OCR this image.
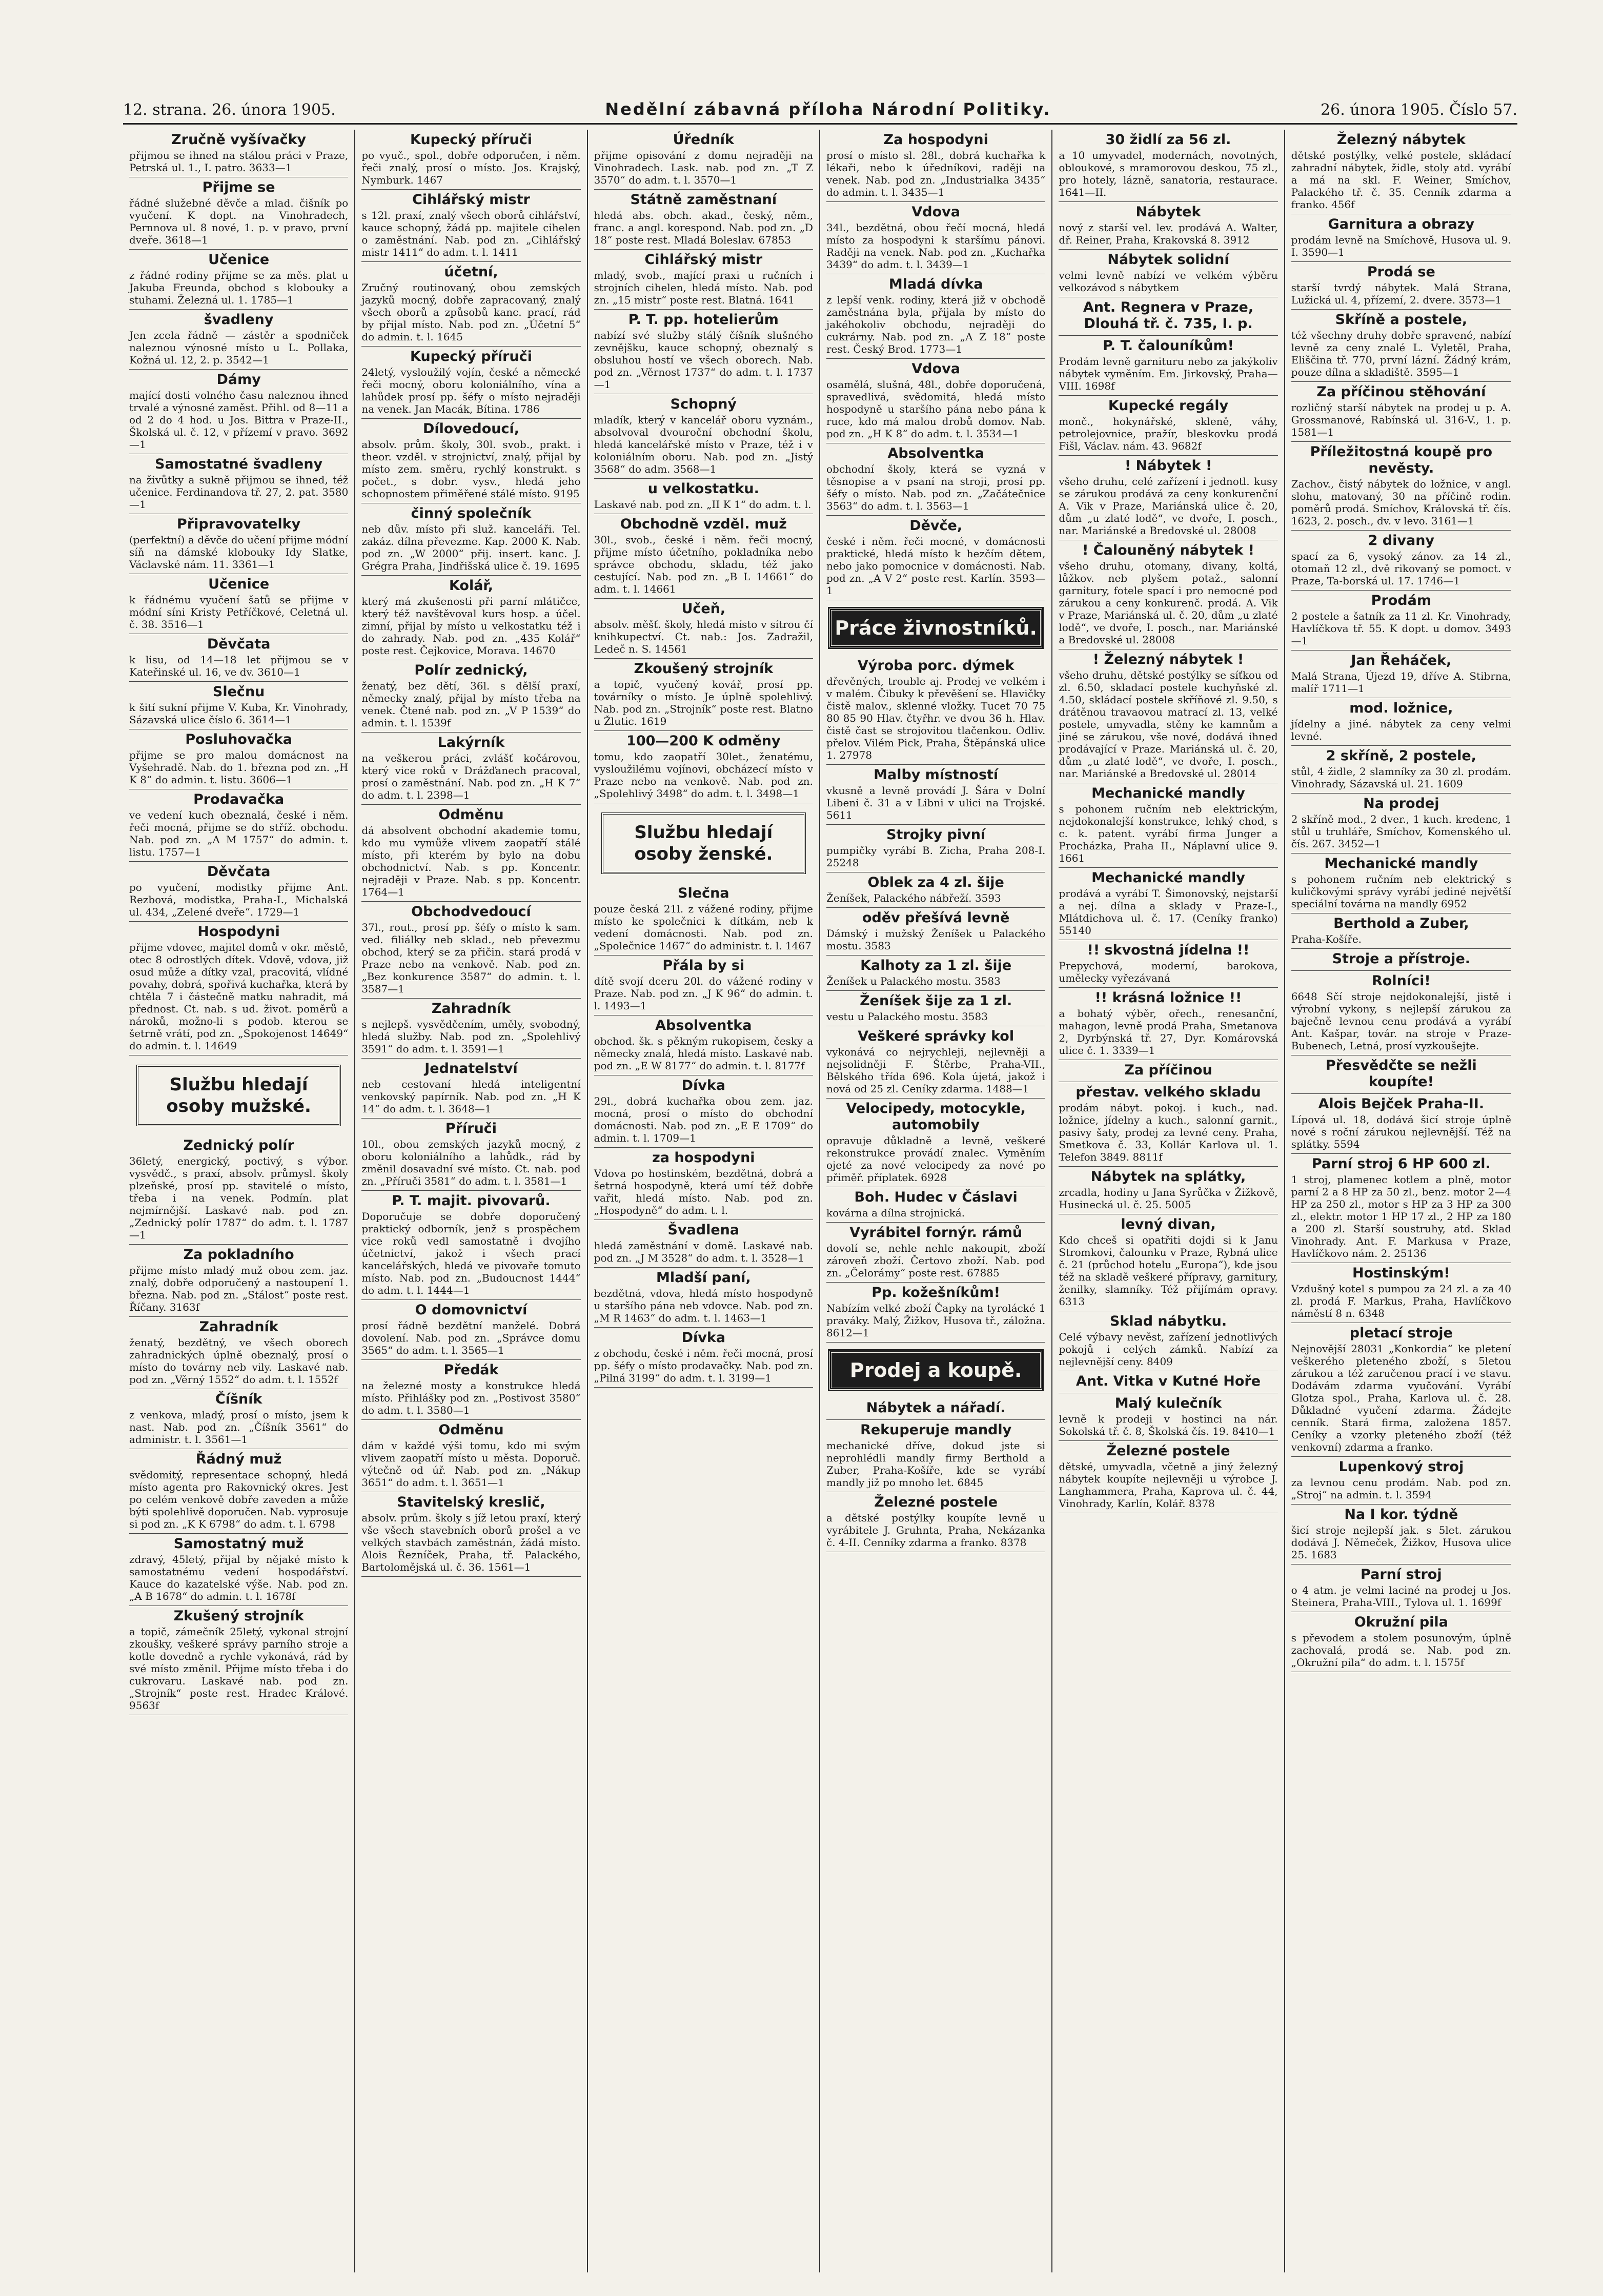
12. strana. 26. února 1905.	Nedělní zábavná příloha Národní Politiky.	26. února 1905. Číslo 57.
Zručně vyšívačky

přijmou se ihned na stálou práci v Praze, Petrská ul. 1., I. patro. 3633—1

Přijme se

řádné služebné děvče a mlad. čišník po vyučení. K dopt. na Vinohradech, Pernnova ul. 8 nové, 1. p. v pravo, první dveře. 3618—1

Učenice

z řádné rodiny přijme se za měs. plat u Jakuba Freunda, obchod s klobouky a stuhami. Železná ul. 1. 1785—1

švadleny

Jen zcela řádně — zástěr a spodniček naleznou výnosné místo u L. Pollaka, Kožná ul. 12, 2. p. 3542—1

Dámy

mající dosti volného času naleznou ihned trvalé a výnosné zaměst. Přihl. od 8—11 a od 2 do 4 hod. u Jos. Bittra v Praze-II., Školská ul. č. 12, v přízemí v pravo. 3692—1

Samostatné švadleny

na živůtky a sukně přijmou se ihned, též učenice. Ferdinandova tř. 27, 2. pat. 3580—1

Připravovatelky

(perfektní) a děvče do učení přijme módní síň na dámské klobouky Idy Slatke, Václavské nám. 11. 3361—1

Učenice

k řádnému vyučení šatů se přijme v módní síni Kristy Petříčkové, Celetná ul. č. 38. 3516—1

Děvčata

k lisu, od 14—18 let přijmou se v Kateřinské ul. 16, ve dv. 3610—1

Slečnu

k šití sukní přijme V. Kuba, Kr. Vinohrady, Sázavská ulice číslo 6. 3614—1

Posluhovačka

přijme se pro malou domácnost na Vyšehradě. Nab. do 1. března pod zn. „H K 8“ do admin. t. listu. 3606—1

Prodavačka

ve vedení kuch obeznalá, české i něm. řeči mocná, přijme se do stříž. obchodu. Nab. pod zn. „A M 1757“ do admin. t. listu. 1757—1

Děvčata

po vyučení, modistky přijme Ant. Rezbová, modistka, Praha-I., Michalská ul. 434, „Zelené dveře“. 1729—1

Hospodyni

přijme vdovec, majitel domů v okr. městě, otec 8 odrostlých dítek. Vdově, vdova, již osud může a dítky vzal, pracovitá, vlídné povahy, dobrá, spořivá kuchařka, která by chtěla 7 i částečně matku nahradit, má přednost. Ct. nab. s ud. život. poměrů a nároků, možno-li s podob. kterou se šetrně vrátí, pod zn. „Spokojenost 14649“ do admin. t. l. 14649

Službu hledají osoby mužské.
Zednický polír

36letý, energický, poctivý, s výbor. vysvědč., s praxí, absolv. průmysl. školy plzeňské, prosí pp. stavitelé o místo, třeba i na venek. Podmín. plat nejmírnější. Laskavé nab. pod zn. „Zednický polír 1787“ do adm. t. l. 1787—1

Za pokladního

přijme místo mladý muž obou zem. jaz. znalý, dobře odporučený a nastoupení 1. března. Nab. pod zn. „Stálost“ poste rest. Říčany. 3163f

Zahradník

ženatý, bezdětný, ve všech oborech zahradnických úplně obeznalý, prosí o místo do továrny neb vily. Laskavé nab. pod zn. „Věrný 1552“ do adm. t. l. 1552f

Číšník

z venkova, mladý, prosí o místo, jsem k nast. Nab. pod zn. „Číšník 3561“ do administr. t. l. 3561—1

Řádný muž

svědomitý, representace schopný, hledá místo agenta pro Rakovnický okres. Jest po celém venkově dobře zaveden a může býti spolehlivě doporučen. Nab. vyprosuje si pod zn. „K K 6798“ do adm. t. l. 6798

Samostatný muž

zdravý, 45letý, přijal by nějaké místo k samostatnému vedení hospodářství. Kauce do kazatelské výše. Nab. pod zn. „A B 1678“ do admin. t. l. 1678f

Zkušený strojník

a topič, zámečník 25letý, vykonal strojní zkoušky, veškeré správy parního stroje a kotle dovedně a rychle vykonává, rád by své místo změnil. Přijme místo třeba i do cukrovaru. Laskavé nab. pod zn. „Strojník“ poste rest. Hradec Králové. 9563f

Kupecký příruči

po vyuč., spol., dobře odporučen, i něm. řeči znalý, prosí o místo. Jos. Krajský, Nymburk. 1467

Cihlářský mistr

s 12l. praxí, znalý všech oborů cihlářství, kauce schopný, žádá pp. majitele cihelen o zaměstnání. Nab. pod zn. „Cihlářský mistr 1411“ do adm. t. l. 1411

účetní,

Zručný routinovaný, obou zemských jazyků mocný, dobře zapracovaný, znalý všech oborů a způsobů kanc. prací, rád by přijal místo. Nab. pod zn. „Účetní 5“ do admin. t. l. 1645

Kupecký příruči

24letý, vysloužilý vojín, české a německé řeči mocný, oboru koloniálního, vína a lahůdek prosí pp. šéfy o místo nejraději na venek. Jan Macák, Bítina. 1786

Dílovedoucí,

absolv. prům. školy, 30l. svob., prakt. i theor. vzděl. v strojnictví, znalý, přijal by místo zem. směru, rychlý konstrukt. s počet., s dobr. vysv., hledá jeho schopnostem přiměřené stálé místo. 9195

činný společník

neb dův. místo při služ. kanceláři. Tel. zakáz. dílna převezme. Kap. 2000 K. Nab. pod zn. „W 2000“ přij. insert. kanc. J. Grégra Praha, Jindřišská ulice č. 19. 1695

Kolář,

který má zkušenosti při parní mlátičce, který též navštěvoval kurs hosp. a účel. zimní, přijal by místo u velkostatku též i do zahrady. Nab. pod zn. „435 Kolář“ poste rest. Čejkovice, Morava. 14670

Polír zednický,

ženatý, bez dětí, 36l. s dělší praxí, německy znalý, přijal by místo třeba na venek. Čtené nab. pod zn. „V P 1539“ do admin. t. l. 1539f

Lakýrník

na veškerou práci, zvlášť kočárovou, který vice roků v Drážďanech pracoval, prosí o zaměstnání. Nab. pod zn. „H K 7“ do adm. t. l. 2398—1

Odměnu

dá absolvent obchodní akademie tomu, kdo mu vymůže vlivem zaopatří stálé místo, při kterém by bylo na dobu obchodnictví. Nab. s pp. Koncentr. nejraději v Praze. Nab. s pp. Koncentr. 1764—1

Obchodvedoucí

37l., rout., prosí pp. šéfy o místo k sam. ved. filiálky neb sklad., neb převezmu obchod, který se za přičin. stará prodá v Praze nebo na venkově. Nab. pod zn. „Bez konkurence 3587“ do admin. t. l. 3587—1

Zahradník

s nejlepš. vysvědčením, uměly, svobodný, hledá služby. Nab. pod zn. „Spolehlivý 3591“ do adm. t. l. 3591—1

Jednatelství

neb cestovaní hledá inteligentní venkovský papírník. Nab. pod zn. „H K 14“ do adm. t. l. 3648—1

Příruči

10l., obou zemských jazyků mocný, z oboru koloniálního a lahůdk., rád by změnil dosavadní své místo. Ct. nab. pod zn. „Příruči 3581“ do adm. t. l. 3581—1

P. T. majit. pivovarů.

Doporučuje se dobře doporučený praktický odborník, jenž s prospěchem vice roků vedl samostatně i dvojího účetnictví, jakož i všech prací kancelářských, hledá ve pivovaře tomuto místo. Nab. pod zn. „Budoucnost 1444“ do adm. t. l. 1444—1

O domovnictví

prosí řádně bezdětní manželé. Dobrá dovolení. Nab. pod zn. „Správce domu 3565“ do adm. t. l. 3565—1

Předák

na železné mosty a konstrukce hledá místo. Přihlášky pod zn. „Postivost 3580“ do adm. t. l. 3580—1

Odměnu

dám v každé výši tomu, kdo mi svým vlivem zaopatří místo u města. Doporuč. výtečně od úř. Nab. pod zn. „Nákup 3651“ do adm. t. l. 3651—1

Stavitelský kreslič,

absolv. prům. školy s jíž letou praxí, který vše všech stavebních oborů prošel a ve velkých stavbách zaměstnán, žádá místo. Alois Řezníček, Praha, tř. Palackého, Bartolomějská ul. č. 36. 1561—1

Úředník

přijme opisování z domu nejraději na Vinohradech. Lask. nab. pod zn. „T Z 3570“ do adm. t. l. 3570—1

Státně zaměstnaní

hledá abs. obch. akad., český, něm., franc. a angl. korespond. Nab. pod zn. „D 18“ poste rest. Mladá Boleslav. 67853

Cihlářský mistr

mladý, svob., mající praxi u ručních i strojních cihelen, hledá místo. Nab. pod zn. „15 mistr“ poste rest. Blatná. 1641

P. T. pp. hotelierům

nabízí své služby stálý číšník slušného zevnějšku, kauce schopný, obeznalý s obsluhou hostí ve všech oborech. Nab. pod zn. „Věrnost 1737“ do adm. t. l. 1737—1

Schopný

mladík, který v kancelář oboru vyznám., absolvoval dvouroční obchodní školu, hledá kancelářské místo v Praze, též i v koloniálním oboru. Nab. pod zn. „Jistý 3568“ do adm. 3568—1

u velkostatku.

Laskavé nab. pod zn. „II K 1“ do adm. t. l.

Obchodně vzděl. muž

30l., svob., české i něm. řeči mocný, přijme místo účetního, pokladníka nebo správce obchodu, skladu, též jako cestující. Nab. pod zn. „B L 14661“ do adm. t. l. 14661

Učeň,

absolv. měšť. školy, hledá místo v sítrou čí knihkupectví. Ct. nab.: Jos. Zadražil, Ledeč n. S. 14561

Zkoušený strojník

a topič, vyučený kovář, prosí pp. továrníky o místo. Je úplně spolehlivý. Nab. pod zn. „Strojník“ poste rest. Blatno u Žlutic. 1619

100—200 K odměny

tomu, kdo zaopatří 30let., ženatému, vysloužilému vojínovi, obcházecí místo v Praze nebo na venkově. Nab. pod zn. „Spolehlivý 3498“ do adm. t. l. 3498—1

Službu hledají osoby ženské.
Slečna

pouze česká 21l. z vážené rodiny, přijme místo ke společnici k dítkám, neb k vedení domácnosti. Nab. pod zn. „Společnice 1467“ do administr. t. l. 1467

Přála by si

dítě svojí dceru 20l. do vážené rodiny v Praze. Nab. pod zn. „J K 96“ do admin. t. l. 1493—1

Absolventka

obchod. šk. s pěkným rukopisem, česky a německy znalá, hledá místo. Laskavé nab. pod zn. „E W 8177“ do admin. t. l. 8177f

Dívka

29l., dobrá kuchařka obou zem. jaz. mocná, prosí o místo do obchodní domácnosti. Nab. pod zn. „E E 1709“ do admin. t. l. 1709—1

za hospodyni

Vdova po hostinském, bezdětná, dobrá a šetrná hospodyně, která umí též dobře vařit, hledá místo. Nab. pod zn. „Hospodyně“ do adm. t. l.

Švadlena

hledá zaměstnání v domě. Laskavé nab. pod zn. „J M 3528“ do adm. t. l. 3528—1

Mladší paní,

bezdětná, vdova, hledá místo hospodyně u staršího pána neb vdovce. Nab. pod zn. „M R 1463“ do adm. t. l. 1463—1

Dívka

z obchodu, české i něm. řeči mocná, prosí pp. šéfy o místo prodavačky. Nab. pod zn. „Pilná 3199“ do adm. t. l. 3199—1

Za hospodyni

prosí o místo sl. 28l., dobrá kuchařka k lékaři, nebo k úředníkovi, raději na venek. Nab. pod zn. „Industrialka 3435“ do admin. t. l. 3435—1

Vdova

34l., bezdětná, obou řečí mocná, hledá místo za hospodyni k staršímu pánovi. Raději na venek. Nab. pod zn. „Kuchařka 3439“ do adm. t. l. 3439—1

Mladá dívka

z lepší venk. rodiny, která již v obchodě zaměstnána byla, přijala by místo do jakéhokoliv obchodu, nejraději do cukrárny. Nab. pod zn. „A Z 18“ poste rest. Český Brod. 1773—1

Vdova

osamělá, slušná, 48l., dobře doporučená, spravedlivá, svědomitá, hledá místo hospodyně u staršího pána nebo pána k ruce, kdo má malou drobů domov. Nab. pod zn. „H K 8“ do adm. t. l. 3534—1

Absolventka

obchodní školy, která se vyzná v těsnopise a v psaní na stroji, prosí pp. šéfy o místo. Nab. pod zn. „Začátečnice 3563“ do adm. t. l. 3563—1

Děvče,

české i něm. řeči mocné, v domácnosti praktické, hledá místo k hezčím dětem, nebo jako pomocnice v domácnosti. Nab. pod zn. „A V 2“ poste rest. Karlín. 3593—1

Práce živnostníků.
Výroba porc. dýmek

dřevěných, trouble aj. Prodej ve velkém i v malém. Čibuky k převěšení se. Hlavičky čistě malov., sklenné vložky. Tucet 70 75 80 85 90 Hlav. čtyřhr. ve dvou 36 h. Hlav. čistě čast se strojovitou tlačenkou. Odliv. přelov. Vilém Pick, Praha, Štěpánská ulice 1. 27978

Malby místností

vkusně a levně provádí J. Šára v Dolní Libeni č. 31 a v Libni v ulici na Trojské. 5611

Strojky pivní

pumpičky vyrábí B. Zicha, Praha 208-I. 25248

Oblek za 4 zl. šije

Ženíšek, Palackého nábřeží. 3593

oděv přešívá levně

Dámský i mužský Ženíšek u Palackého mostu. 3583

Kalhoty za 1 zl. šije

Ženíšek u Palackého mostu. 3583

Ženíšek šije za 1 zl.

vestu u Palackého mostu. 3583

Veškeré správky kol

vykonává co nejrychleji, nejlevněji a nejsolidněji F. Štěrbe, Praha-VII., Bělského třída 696. Kola újetá, jakož i nová od 25 zl. Ceníky zdarma. 1488—1

Velocipedy, motocykle, automobily

opravuje důkladně a levně, veškeré rekonstrukce provádí znalec. Vyměním ojeté za nové velocipedy za nové po přiměř. příplatek. 6928

Boh. Hudec v Čáslavi

kovárna a dílna strojnická.

Vyrábitel fornýr. rámů

dovolí se, nehle nehle nakoupit, zboží zároveň zboží. Čertovo zboží. Nab. pod zn. „Čelorámy“ poste rest. 67885

Pp. kožešníkům!

Nabízím velké zboží Čapky na tyrolácké 1 praváky. Malý, Žižkov, Husova tř., záložna. 8612—1

Prodej a koupě.
Nábytek a nářadí.
Rekuperuje mandly

mechanické dříve, dokud jste si neprohlédli mandly firmy Berthold a Zuber, Praha-Košíře, kde se vyrábí mandly již po mnoho let. 6845

Železné postele

a dětské postýlky koupíte levně u vyrábitele J. Gruhnta, Praha, Nekázanka č. 4-II. Cenníky zdarma a franko. 8378

30 židlí za 56 zl.

a 10 umyvadel, modernách, novotných, obloukové, s mramorovou deskou, 75 zl., pro hotely, lázně, sanatoria, restaurace. 1641—II.

Nábytek

nový z starší vel. lev. prodává A. Walter, dř. Reiner, Praha, Krakovská 8. 3912

Nábytek solidní

velmi levně nabízí ve velkém výběru velkozávod s nábytkem

Ant. Regnera v Praze, Dlouhá tř. č. 735, I. p.
P. T. čalouníkům!

Prodám levně garnituru nebo za jakýkoliv nábytek vyměním. Em. Jirkovský, Praha—VIII. 1698f

Kupecké regály

monč., hokynářské, skleně, váhy, petrolejovnice, pražír, bleskovku prodá Fišl, Václav. nám. 43. 9682f

! Nábytek !

všeho druhu, celé zařízení i jednotl. kusy se zárukou prodává za ceny konkurenční A. Vik v Praze, Mariánská ulice č. 20, dům „u zlaté lodě“, ve dvoře, I. posch., nar. Mariánské a Bredovské ul. 28008

! Čalouněný nábytek !

všeho druhu, otomany, divany, koltá, lůžkov. neb plyšem potaž., salonní garnitury, fotele spací i pro nemocné pod zárukou a ceny konkurenč. prodá. A. Vik v Praze, Mariánská ul. č. 20, dům „u zlaté lodě“, ve dvoře, I. posch., nar. Mariánské a Bredovské ul. 28008

! Železný nábytek !

všeho druhu, dětské postýlky se síťkou od zl. 6.50, skladací postele kuchyňské zl. 4.50, skládací postele skříňové zl. 9.50, s drátěnou travaovou matrací zl. 13, velké postele, umyvadla, stěny ke kamnům a jiné se zárukou, vše nové, dodává ihned prodávající v Praze. Mariánská ul. č. 20, dům „u zlaté lodě“, ve dvoře, I. posch., nar. Mariánské a Bredovské ul. 28014

Mechanické mandly

s pohonem ručním neb elektrickým, nejdokonalejší konstrukce, lehký chod, s c. k. patent. vyrábí firma Junger a Procházka, Praha II., Náplavní ulice 9. 1661

Mechanické mandly

prodává a vyrábí T. Šimonovský, nejstarší a nej. dílna a sklady v Praze-I., Mlátdichova ul. č. 17. (Ceníky franko) 55140

!! skvostná jídelna !!

Prepychová, moderní, barokova, umělecky vyřezávaná

!! krásná ložnice !!

a bohatý výběr, ořech., renesanční, mahagon, levně prodá Praha, Smetanova 2, Dyrbýnská tř. 27, Dyr. Komárovská ulice č. 1. 3339—1

Za příčinou
přestav. velkého skladu

prodám nábyt. pokoj. i kuch., nad. ložnice, jídelny a kuch., salonní garnit., pasivy šaty, prodej za levné ceny. Praha, Smetkova č. 33, Kollár Karlova ul. 1. Telefon 3849. 8811f

Nábytek na splátky,

zrcadla, hodiny u Jana Syrůčka v Žižkově, Husinecká ul. č. 25. 5005

levný divan,

Kdo chceš si opatřiti dojdi si k Janu Stromkovi, čalounku v Praze, Rybná ulice č. 21 (průchod hotelu „Europa“), kde jsou též na skladě veškeré přípravy, garnitury, ženilky, slamníky. Též přijímám opravy. 6313

Sklad nábytku.

Celé výbavy nevěst, zařízení jednotlivých pokojů i celých zámků. Nabízí za nejlevnější ceny. 8409

Ant. Vitka v Kutné Hoře
Malý kulečník

levně k prodeji v hostinci na nár. Sokolská tř. č. 8, Školská čís. 19. 8410—1

Železné postele

dětské, umyvadla, včetně a jiný železný nábytek koupíte nejlevněji u výrobce J. Langhammera, Praha, Kaprova ul. č. 44, Vinohrady, Karlín, Kolář. 8378

Železný nábytek

dětské postýlky, velké postele, skládací zahradní nábytek, židle, stoly atd. vyrábí a má na skl. F. Weiner, Smíchov, Palackého tř. č. 35. Cenník zdarma a franko. 456f

Garnitura a obrazy

prodám levně na Smíchově, Husova ul. 9. I. 3590—1

Prodá se

starší tvrdý nábytek. Malá Strana, Lužická ul. 4, přízemí, 2. dvere. 3573—1

Skříně a postele,

též všechny druhy dobře spravené, nabízí levně za ceny znalé L. Vyletěl, Praha, Eliščina tř. 770, první lázní. Žádný krám, pouze dílna a skladiště. 3595—1

Za příčinou stěhování

rozličný starší nábytek na prodej u p. A. Grossmanové, Rabínská ul. 316-V., 1. p. 1581—1

Příležitostná koupě pro nevěsty.

Zachov., čistý nábytek do ložnice, v angl. slohu, matovaný, 30 na příčině rodin. poměrů prodá. Smíchov, Královská tř. čís. 1623, 2. posch., dv. v levo. 3161—1

2 divany

spací za 6, vysoký zánov. za 14 zl., otomaň 12 zl., dvě rikovaný se pomoct. v Praze, Ta-borská ul. 17. 1746—1

Prodám

2 postele a šatník za 11 zl. Kr. Vinohrady, Havlíčkova tř. 55. K dopt. u domov. 3493—1

Jan Řeháček,

Malá Strana, Újezd 19, dříve A. Stibrna, malíř 1711—1

mod. ložnice,

jídelny a jiné. nábytek za ceny velmi levné.

2 skříně, 2 postele,

stůl, 4 židle, 2 slamníky za 30 zl. prodám. Vinohrady, Sázavská ul. 21. 1609

Na prodej

2 skříně mod., 2 dver., 1 kuch. kredenc, 1 stůl u truhláře, Smíchov, Komenského ul. čís. 267. 3452—1

Mechanické mandly

s pohonem ručním neb elektrický s kuličkovými správy vyrábí jediné největší speciální továrna na mandly 6952

Berthold a Zuber,

Praha-Košíře.

Stroje a přístroje.
Rolníci!

6648 Sčí stroje nejdokonalejší, jistě i výrobní vykony, s nejlepší zárukou za baječně levnou cenu prodává a vyrábí Ant. Kašpar, továr. na stroje v Praze-Bubenech, Letná, prosí vyzkoušejte.

Přesvědčte se nežli koupíte!
Alois Bejček Praha-II.

Lípová ul. 18, dodává šicí stroje úplně nové s roční zárukou nejlevnější. Též na splátky. 5594

Parní stroj 6 HP 600 zl.

1 stroj, plamenec kotlem a plně, motor parní 2 a 8 HP za 50 zl., benz. motor 2—4 HP za 250 zl., motor s HP za 3 HP za 300 zl., elektr. motor 1 HP 17 zl., 2 HP za 180 a 200 zl. Starší soustruhy, atd. Sklad Vinohrady. Ant. F. Markusa v Praze, Havlíčkovo nám. 2. 25136

Hostinským!

Vzdušný kotel s pumpou za 24 zl. a za 40 zl. prodá F. Markus, Praha, Havlíčkovo náměstí 8 n. 6348

pletací stroje

Nejnovější 28031 „Konkordia“ ke pletení veškerého pleteného zboží, s 5letou zárukou a též zaručenou prací i ve stavu. Dodávám zdarma vyučování. Vyrábí Glotza spol., Praha, Karlova ul. č. 28. Důkladné vyučení zdarma. Žádejte cenník. Stará firma, založena 1857. Ceníky a vzorky pleteného zboží (též venkovní) zdarma a franko.

Lupenkový stroj

za levnou cenu prodám. Nab. pod zn. „Stroj“ na admin. t. l. 3594

Na I kor. týdně

šicí stroje nejlepší jak. s 5let. zárukou dodává J. Němeček, Žižkov, Husova ulice 25. 1683

Parní stroj

o 4 atm. je velmi laciné na prodej u Jos. Steinera, Praha-VIII., Tylova ul. 1. 1699f

Okružní pila

s převodem a stolem posunovým, úplně zachovalá, prodá se. Nab. pod zn. „Okružní pila“ do adm. t. l. 1575f
